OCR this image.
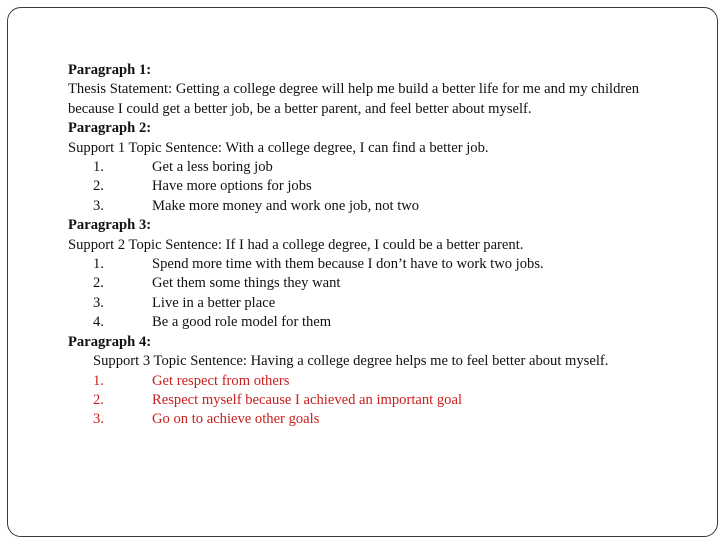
Paragraph 1:
Thesis Statement: Getting a college degree will help me build a better life for me and my children
because I could get a better job, be a better parent, and feel better about myself.
Paragraph 2:
Support 1 Topic Sentence: With a college degree, I can find a better job.
1.	Get a less boring job
2.	Have more options for jobs
3.	Make more money and work one job, not two
Paragraph 3:
Support 2 Topic Sentence: If I had a college degree, I could be a better parent.
1.	Spend more time with them because I don’t have to work two jobs.
2.	Get them some things they want
3.	Live in a better place
4.	Be a good role model for them
Paragraph 4:
Support 3 Topic Sentence: Having a college degree helps me to feel better about myself.
1.	Get respect from others
2.	Respect myself because I achieved an important goal
3.	Go on to achieve other goals
